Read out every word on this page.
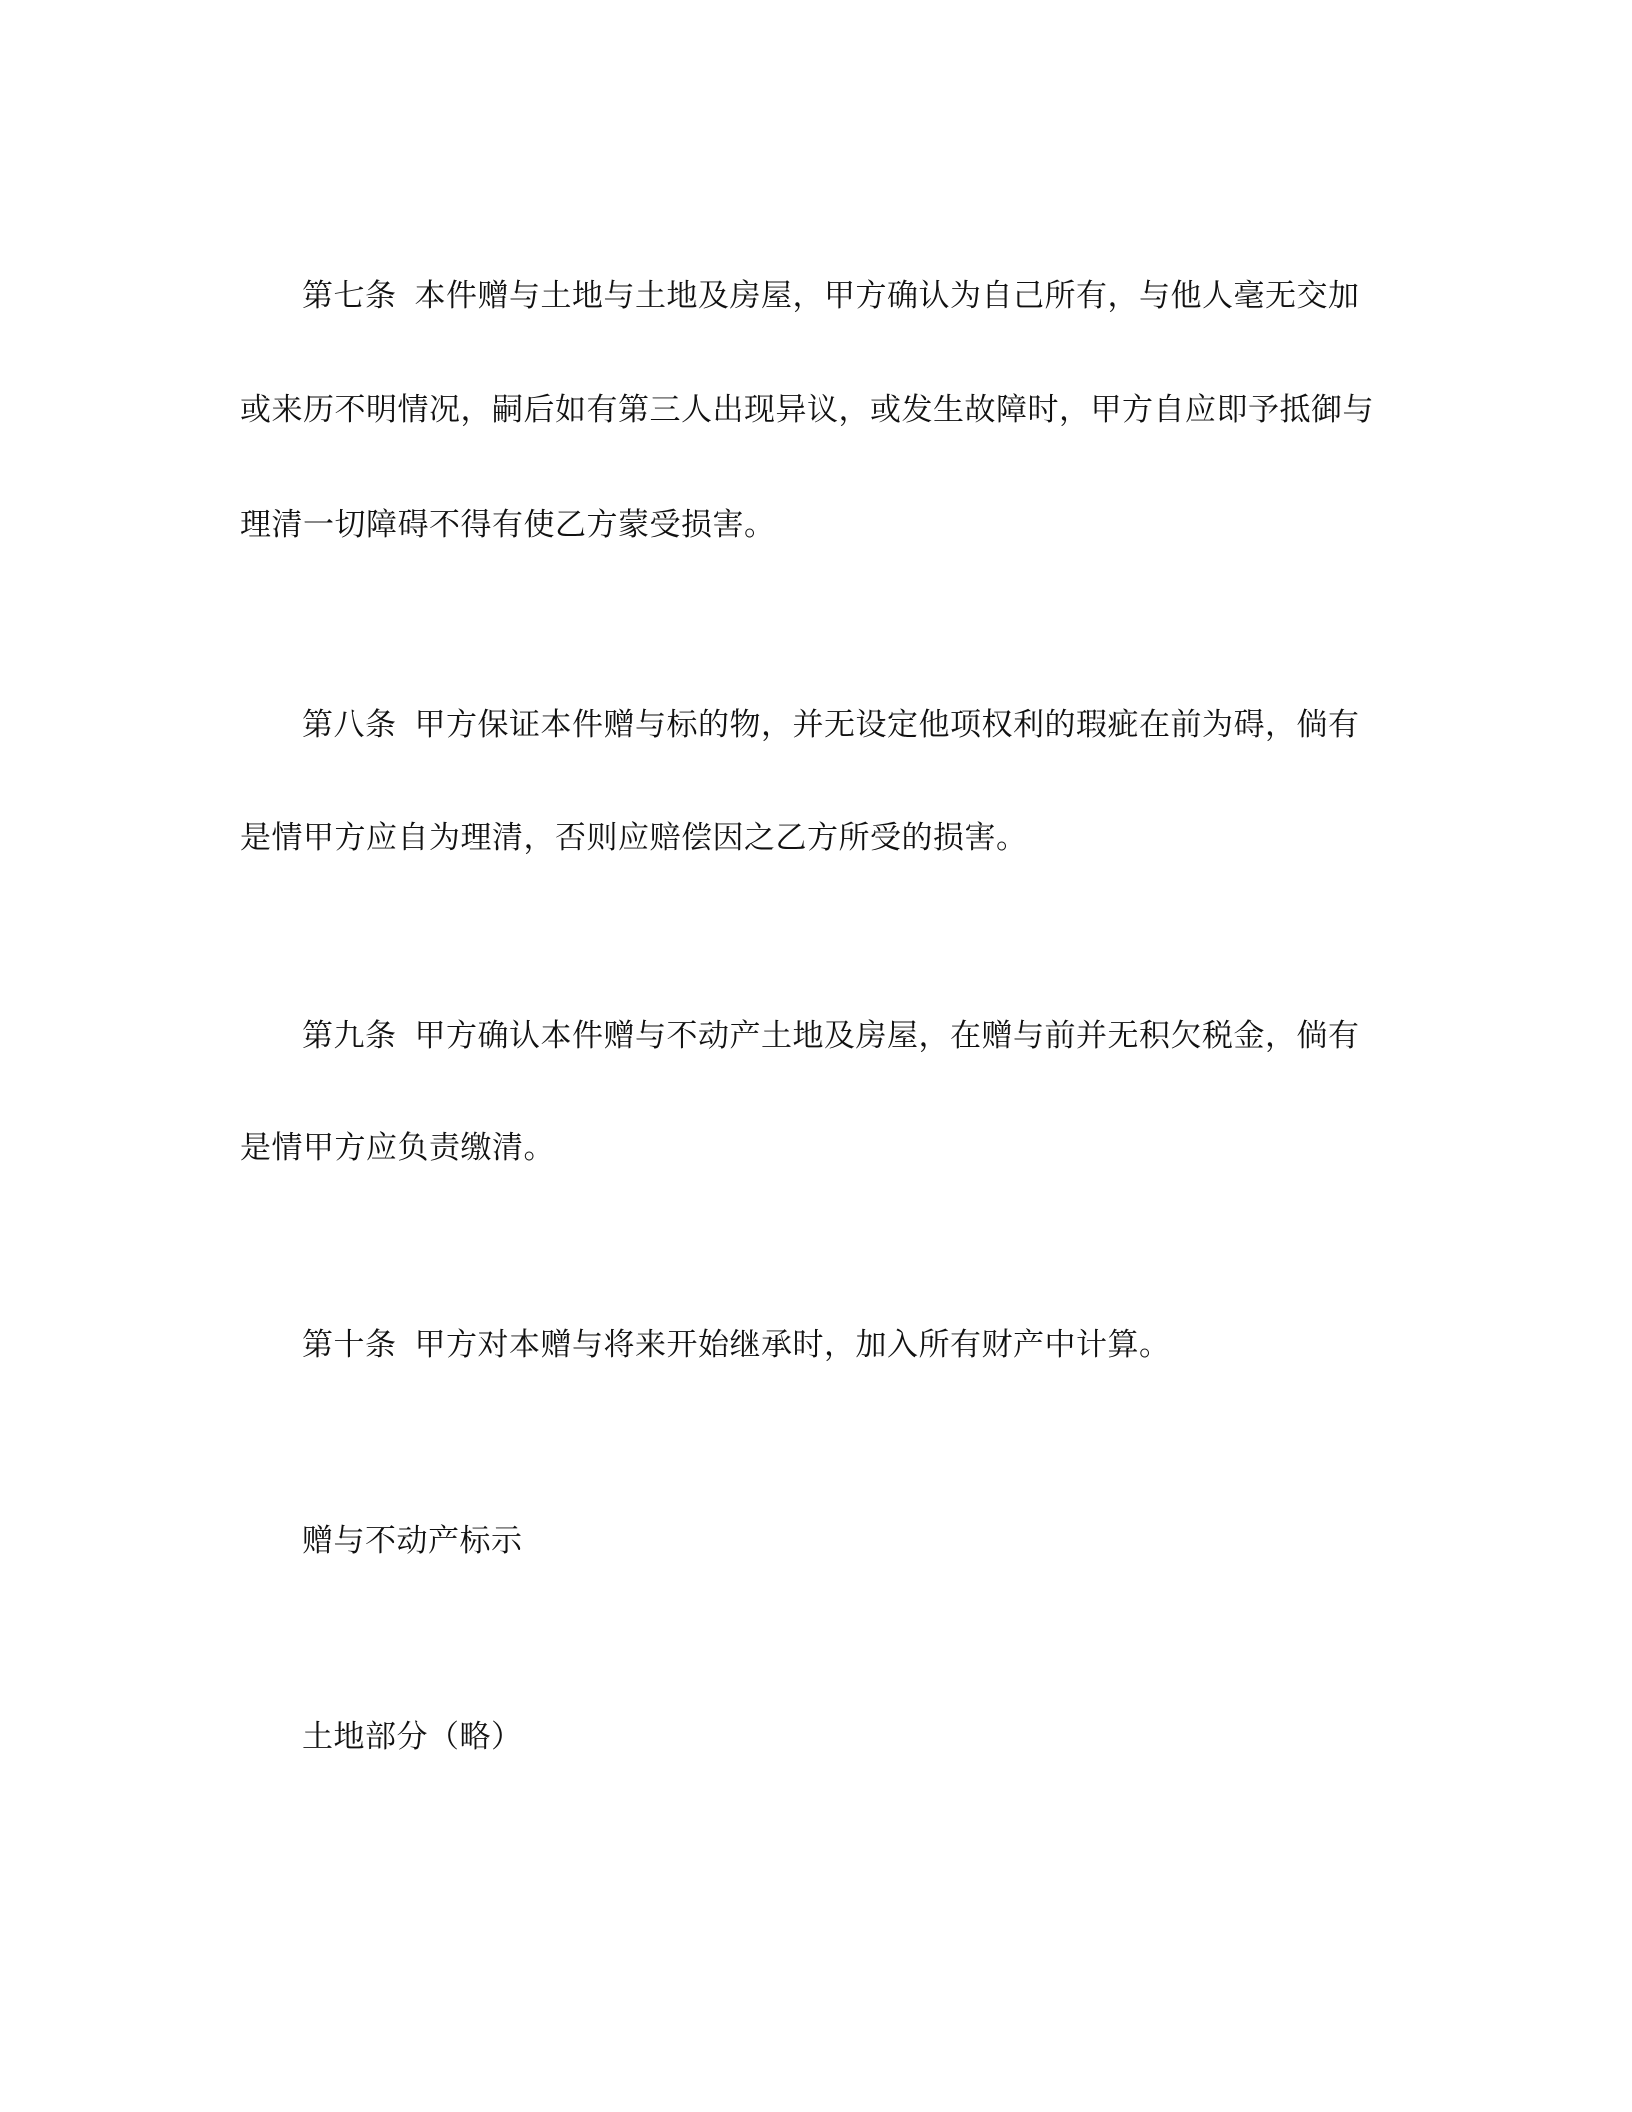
第七条 本件赠与土地与土地及房屋，甲方确认为自己所有，与他人毫无交加
或来历不明情况，嗣后如有第三人出现异议，或发生故障时，甲方自应即予抵御与
理清一切障碍不得有使乙方蒙受损害。
第八条 甲方保证本件赠与标的物，并无设定他项权利的瑕疵在前为碍，倘有
是情甲方应自为理清，否则应赔偿因之乙方所受的损害。
第九条 甲方确认本件赠与不动产土地及房屋，在赠与前并无积欠税金，倘有
是情甲方应负责缴清。
第十条 甲方对本赠与将来开始继承时，加入所有财产中计算。
赠与不动产标示
土地部分（略）
